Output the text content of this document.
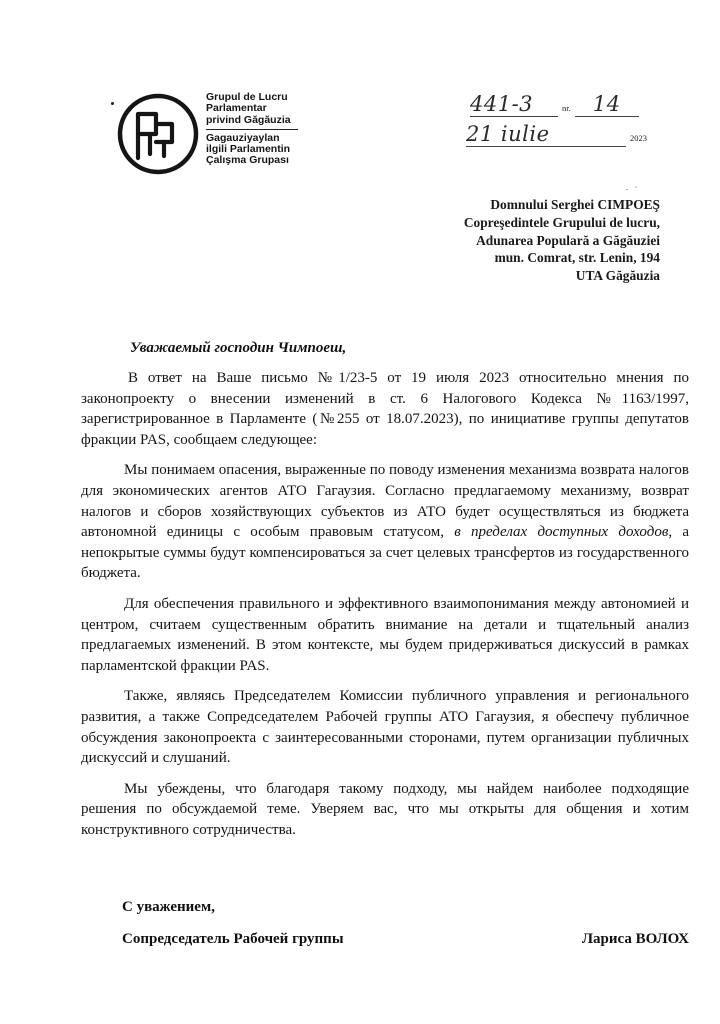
Grupul de Lucru
Parlamentar
privind Găgăuzia
Gagauziyaylan
ilgili Parlamentin
Çalışma Grupası
441-3	nr. 14
21 iulie	2023
. ·
Domnului Serghei CIMPOEŞ
Copreşedintele Grupului de lucru,
Adunarea Populară a Găgăuziei
mun. Comrat, str. Lenin, 194
UTA Găgăuzia
Уважаемый господин Чимпоеш,

В ответ на Ваше письмо №1/23-5 от 19 июля 2023 относительно мнения по законопроекту о внесении изменений в ст. 6 Налогового Кодекса №1163/1997, зарегистрированное в Парламенте (№255 от 18.07.2023), по инициативе группы депутатов фракции PAS, сообщаем следующее:

Мы понимаем опасения, выраженные по поводу изменения механизма возврата налогов для экономических агентов АТО Гагаузия. Согласно предлагаемому механизму, возврат налогов и сборов хозяйствующих субъектов из АТО будет осуществляться из бюджета автономной единицы с особым правовым статусом, в пределах доступных доходов, а непокрытые суммы будут компенсироваться за счет целевых трансфертов из государственного бюджета.

Для обеспечения правильного и эффективного взаимопонимания между автономией и центром, считаем существенным обратить внимание на детали и тщательный анализ предлагаемых изменений. В этом контексте, мы будем придерживаться дискуссий в рамках парламентской фракции PAS.

Также, являясь Председателем Комиссии публичного управления и регионального развития, а также Сопредседателем Рабочей группы АТО Гагаузия, я обеспечу публичное обсуждения законопроекта с заинтересованными сторонами, путем организации публичных дискуссий и слушаний.

Мы убеждены, что благодаря такому подходу, мы найдем наиболее подходящие решения по обсуждаемой теме. Уверяем вас, что мы открыты для общения и хотим конструктивного сотрудничества.

С уважением,
Сопредседатель Рабочей группы	Лариса ВОЛОХ
